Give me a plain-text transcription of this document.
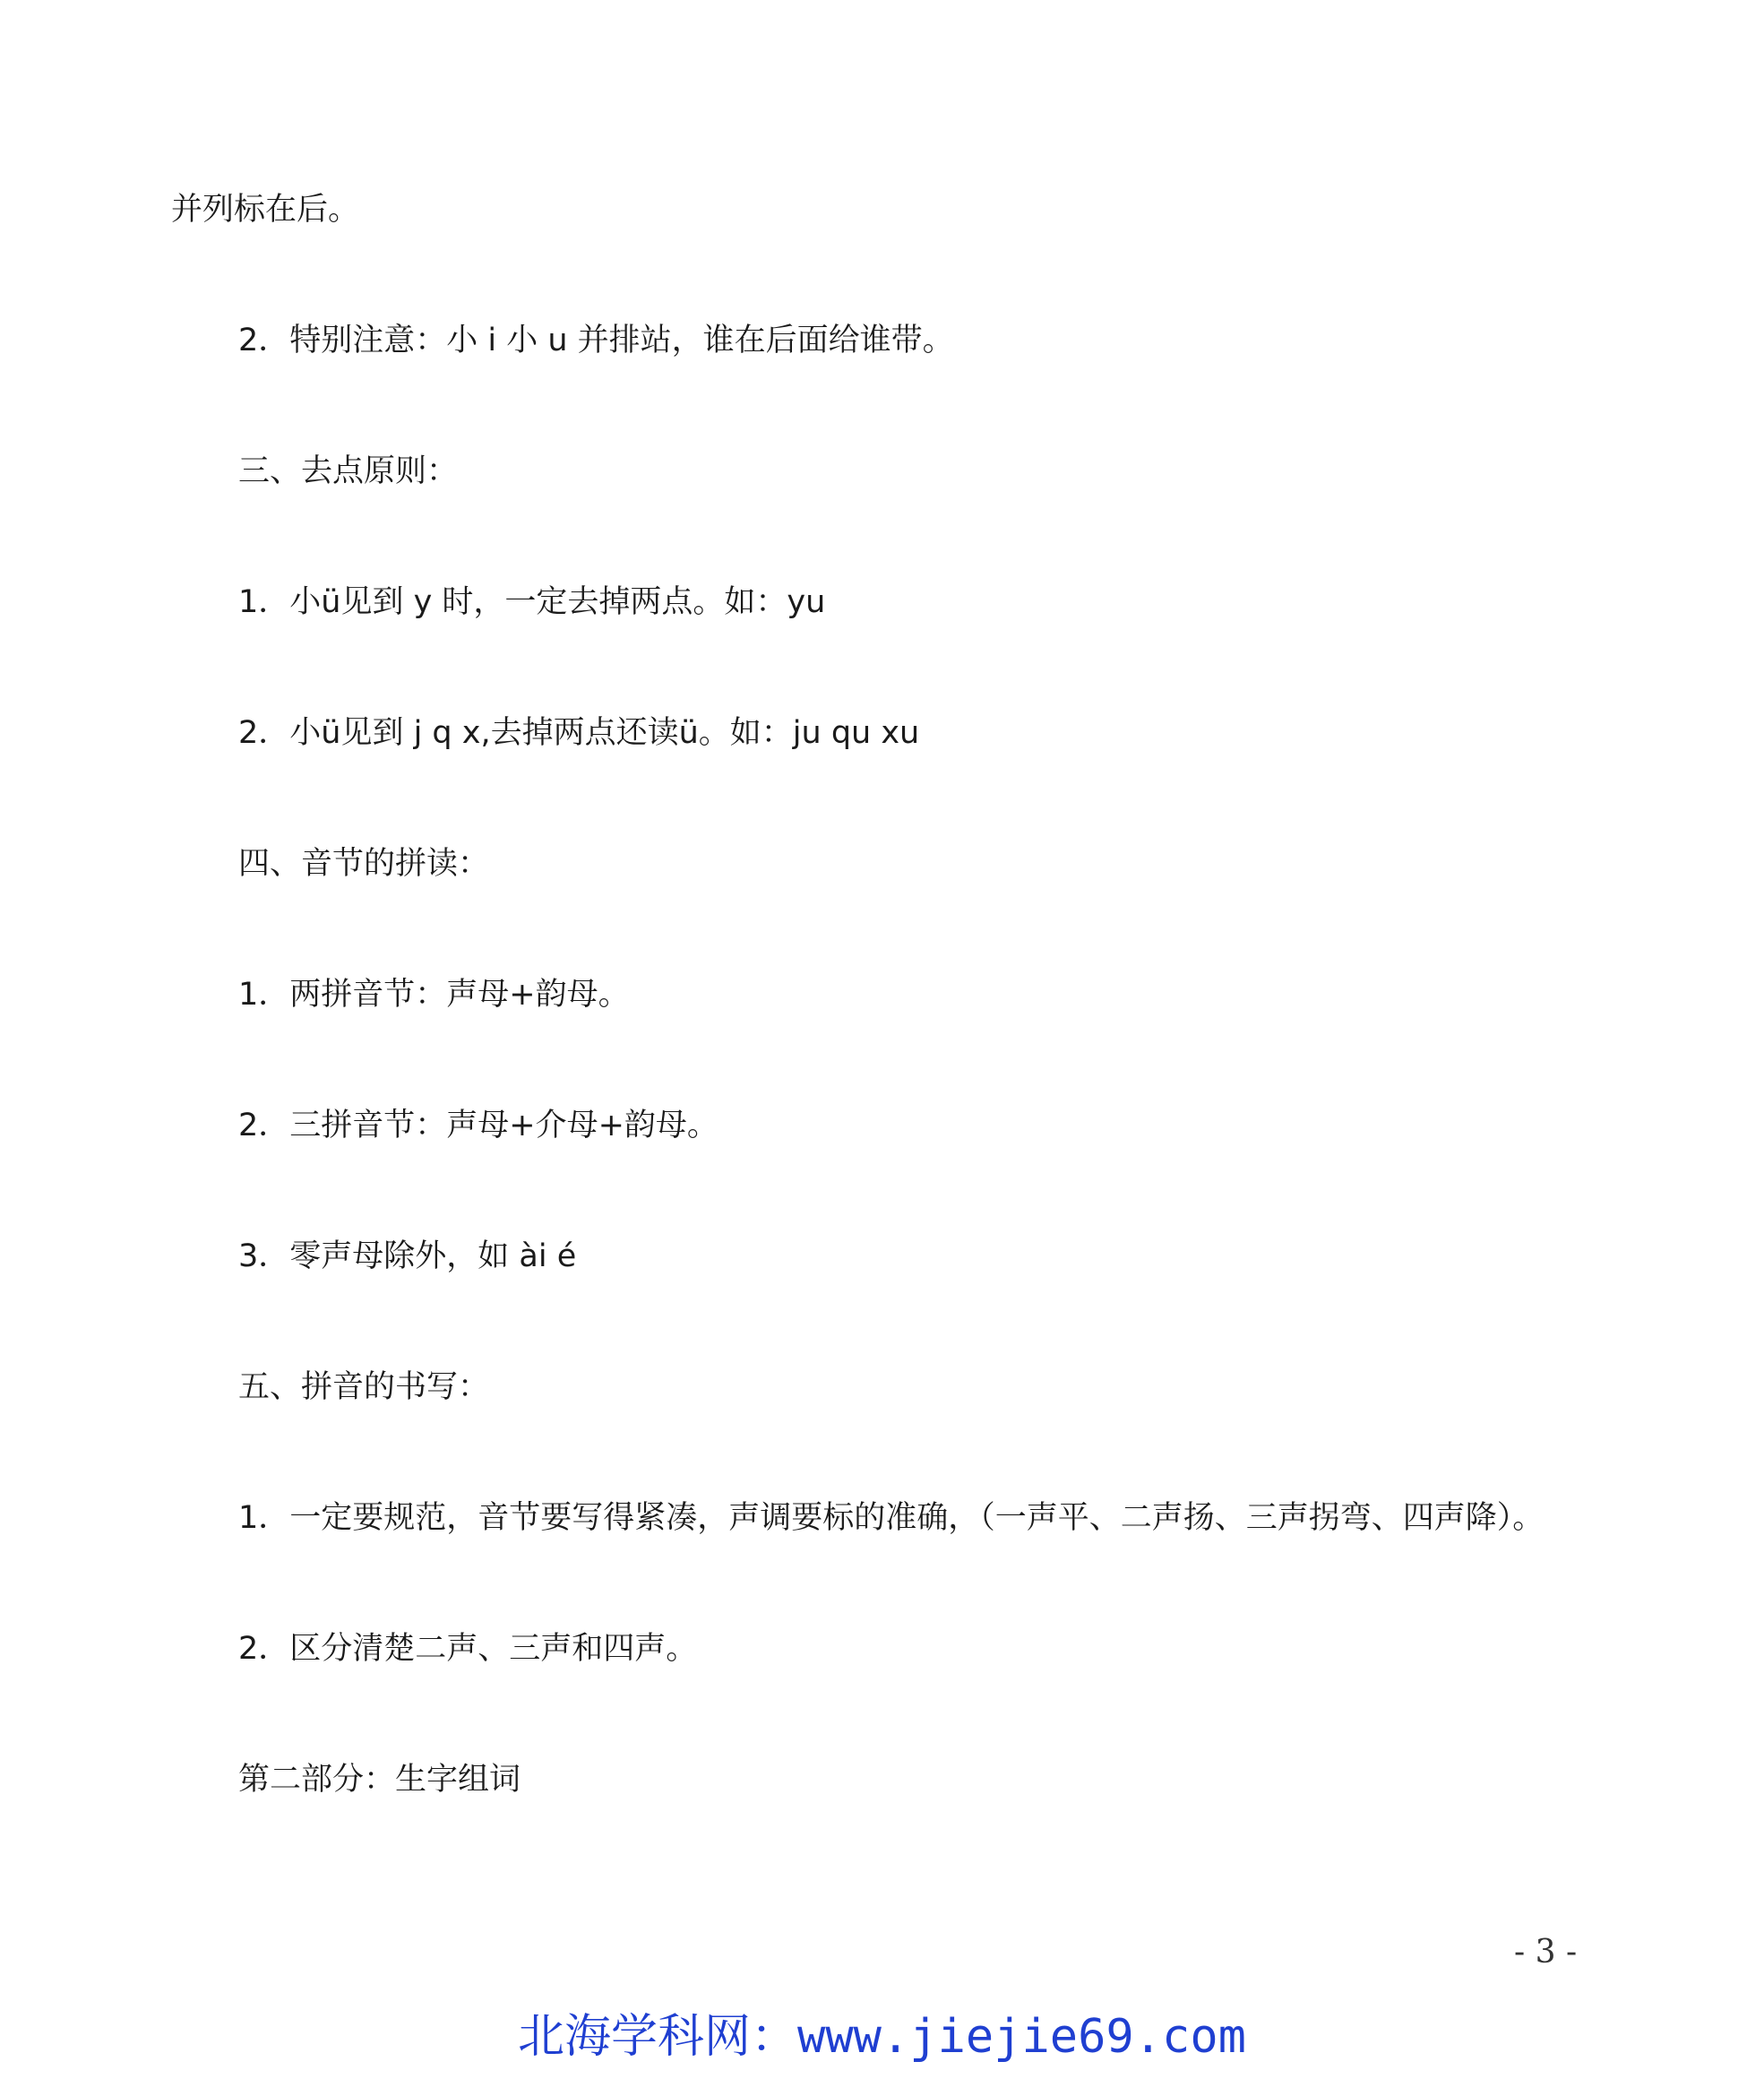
并列标在后。

2．特别注意：小 i 小 u 并排站，谁在后面给谁带。

三、去点原则：

1．小ü见到 y 时，一定去掉两点。如：yu

2．小ü见到 j q x,去掉两点还读ü。如：ju qu xu

四、音节的拼读：

1．两拼音节：声母+韵母。

2．三拼音节：声母+介母+韵母。

3．零声母除外，如 ài é

五、拼音的书写：

1．一定要规范，音节要写得紧凑，声调要标的准确，（一声平、二声扬、三声拐弯、四声降）。

2．区分清楚二声、三声和四声。

第二部分：生字组词

- 3 -
北海学科网：www.jiejie69.com
